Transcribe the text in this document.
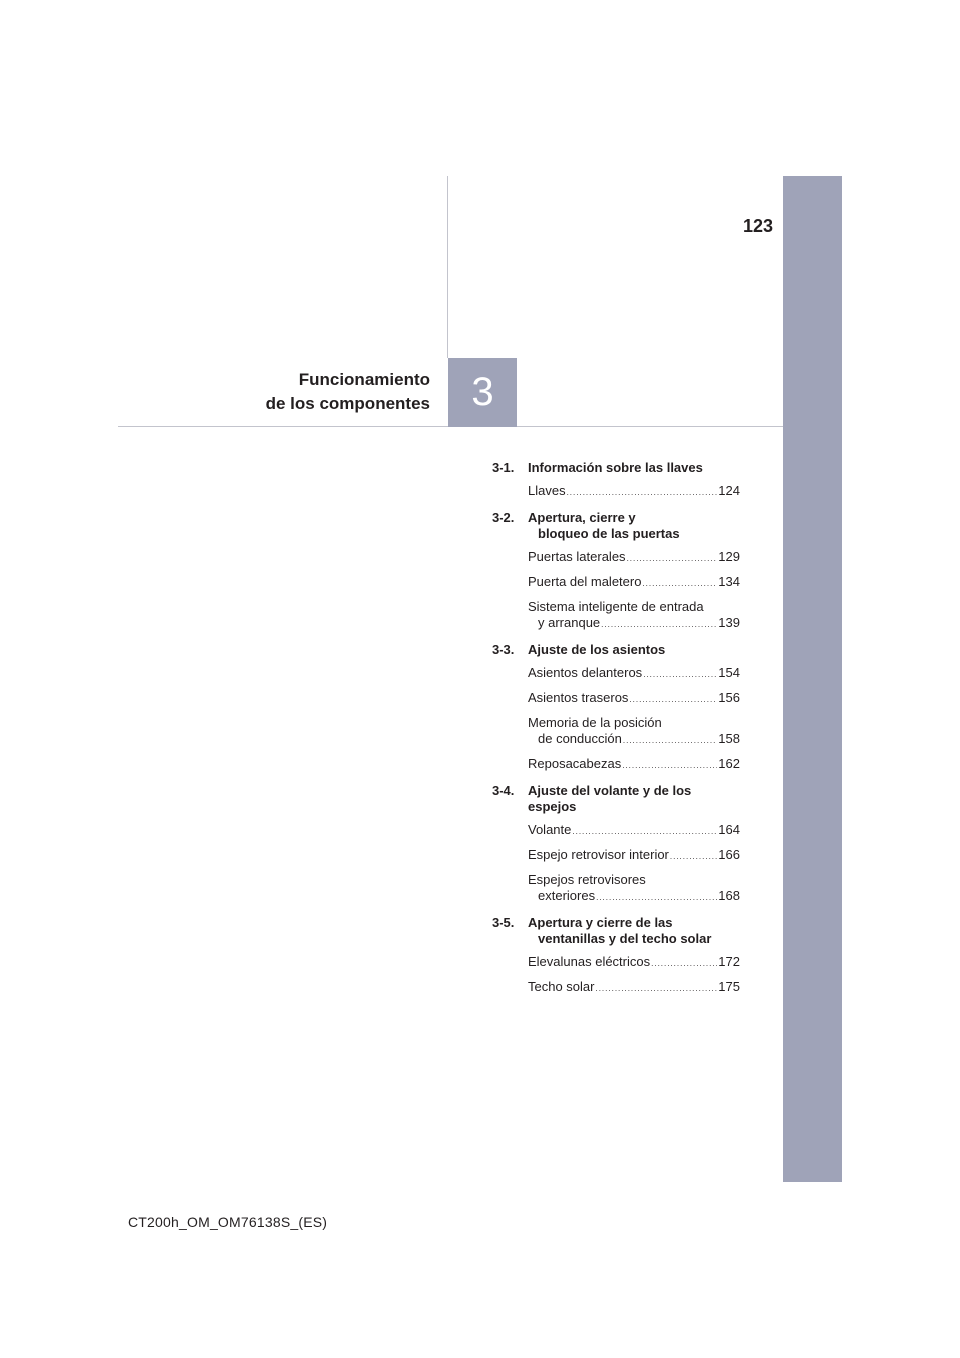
123
Funcionamiento
de los componentes	3
3-1.	Información sobre las llaves
Llaves .....	124
3-2.	Apertura, cierre y
bloqueo de las puertas
Puertas laterales .....	129
Puerta del maletero .....	134
Sistema inteligente de entrada
y arranque .....	139
3-3.	Ajuste de los asientos
Asientos delanteros .....	154
Asientos traseros .....	156
Memoria de la posición
de conducción .....	158
Reposacabezas .....	162
3-4.	Ajuste del volante y de los espejos
Volante .....	164
Espejo retrovisor interior .....	166
Espejos retrovisores
exteriores .....	168
3-5.	Apertura y cierre de las
ventanillas y del techo solar
Elevalunas eléctricos .....	172
Techo solar .....	175
CT200h_OM_OM76138S_(ES)
